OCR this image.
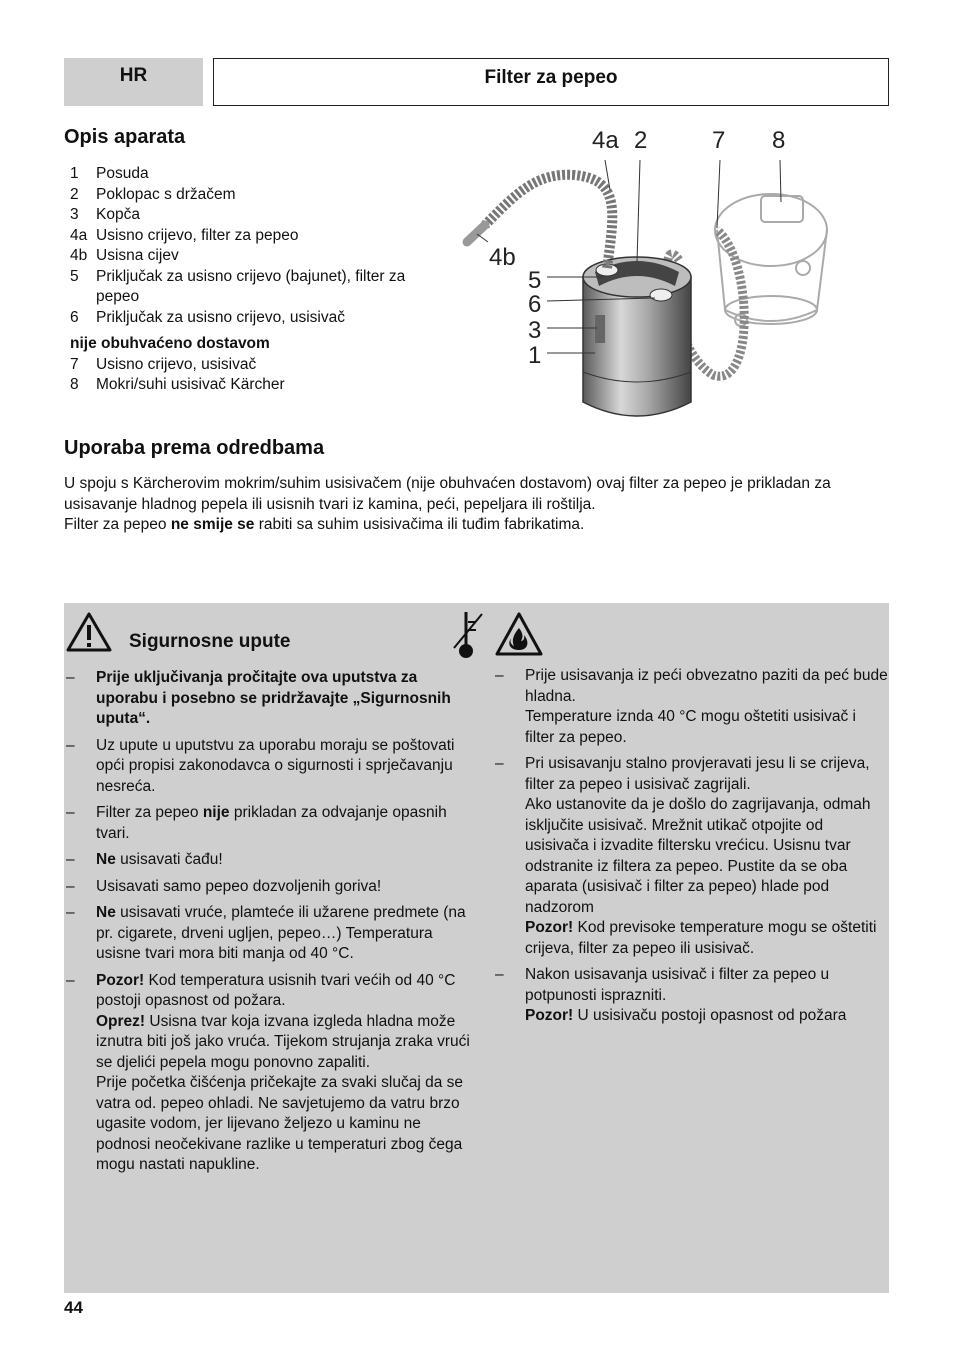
HR	Filter za pepeo
Opis aparata
1	Posuda
2	Poklopac s držačem
3	Kopča
4a Usisno crijevo, filter za pepeo
4b Usisna cijev
5	Priključak za usisno crijevo (bajunet), filter za pepeo
6	Priključak za usisno crijevo, usisivač
nije obuhvaćeno dostavom
7	Usisno crijevo, usisivač
8	Mokri/suhi usisivač Kärcher
4a 2	7 8
4b
5
6
3
1
Uporaba prema odredbama
U spoju s Kärcherovim mokrim/suhim usisivačem (nije obuhvaćen dostavom) ovaj filter za pepeo je prikladan za usisavanje hladnog pepela ili usisnih tvari iz kamina, peći, pepeljara ili roštilja.
Filter za pepeo ne smije se rabiti sa suhim usisivačima ili tuđim fabrikatima.
Sigurnosne upute
–	Prije uključivanja pročitajte ova uputstva za uporabu i posebno se pridržavajte „Sigurnosnih uputa“.
–	Uz upute u uputstvu za uporabu moraju se poštovati opći propisi zakonodavca o sigurnosti i sprječavanju nesreća.
–	Filter za pepeo nije prikladan za odvajanje opasnih tvari.
–	Ne usisavati čađu!
–	Usisavati samo pepeo dozvoljenih goriva!
–	Ne usisavati vruće, plamteće ili užarene predmete (na pr. cigarete, drveni ugljen, pepeo…) Temperatura usisne tvari mora biti manja od 40 °C.
–	Pozor! Kod temperatura usisnih tvari većih od 40 °C postoji opasnost od požara.

Oprez! Usisna tvar koja izvana izgleda hladna može iznutra biti još jako vruća. Tijekom strujanja zraka vrući se djelići pepela mogu ponovno zapaliti.

Prije početka čišćenja pričekajte za svaki slučaj da se vatra od. pepeo ohladi. Ne savjetujemo da vatru brzo ugasite vodom, jer lijevano željezo u kaminu ne podnosi neočekivane razlike u temperaturi zbog čega mogu nastati napukline.

–	Prije usisavanja iz peći obvezatno paziti da peć bude hladna.

Temperature iznda 40 °C mogu oštetiti usisivač i filter za pepeo.

–	Pri usisavanju stalno provjeravati jesu li se crijeva, filter za pepeo i usisivač zagrijali.

Ako ustanovite da je došlo do zagrijavanja, odmah isključite usisivač. Mrežnit utikač otpojite od usisivača i izvadite filtersku vrećicu. Usisnu tvar odstranite iz filtera za pepeo. Pustite da se oba aparata (usisivač i filter za pepeo) hlade pod nadzorom

Pozor! Kod previsoke temperature mogu se oštetiti crijeva, filter za pepeo ili usisivač.

–	Nakon usisavanja usisivač i filter za pepeo u potpunosti isprazniti.

Pozor! U usisivaču postoji opasnost od požara

44
